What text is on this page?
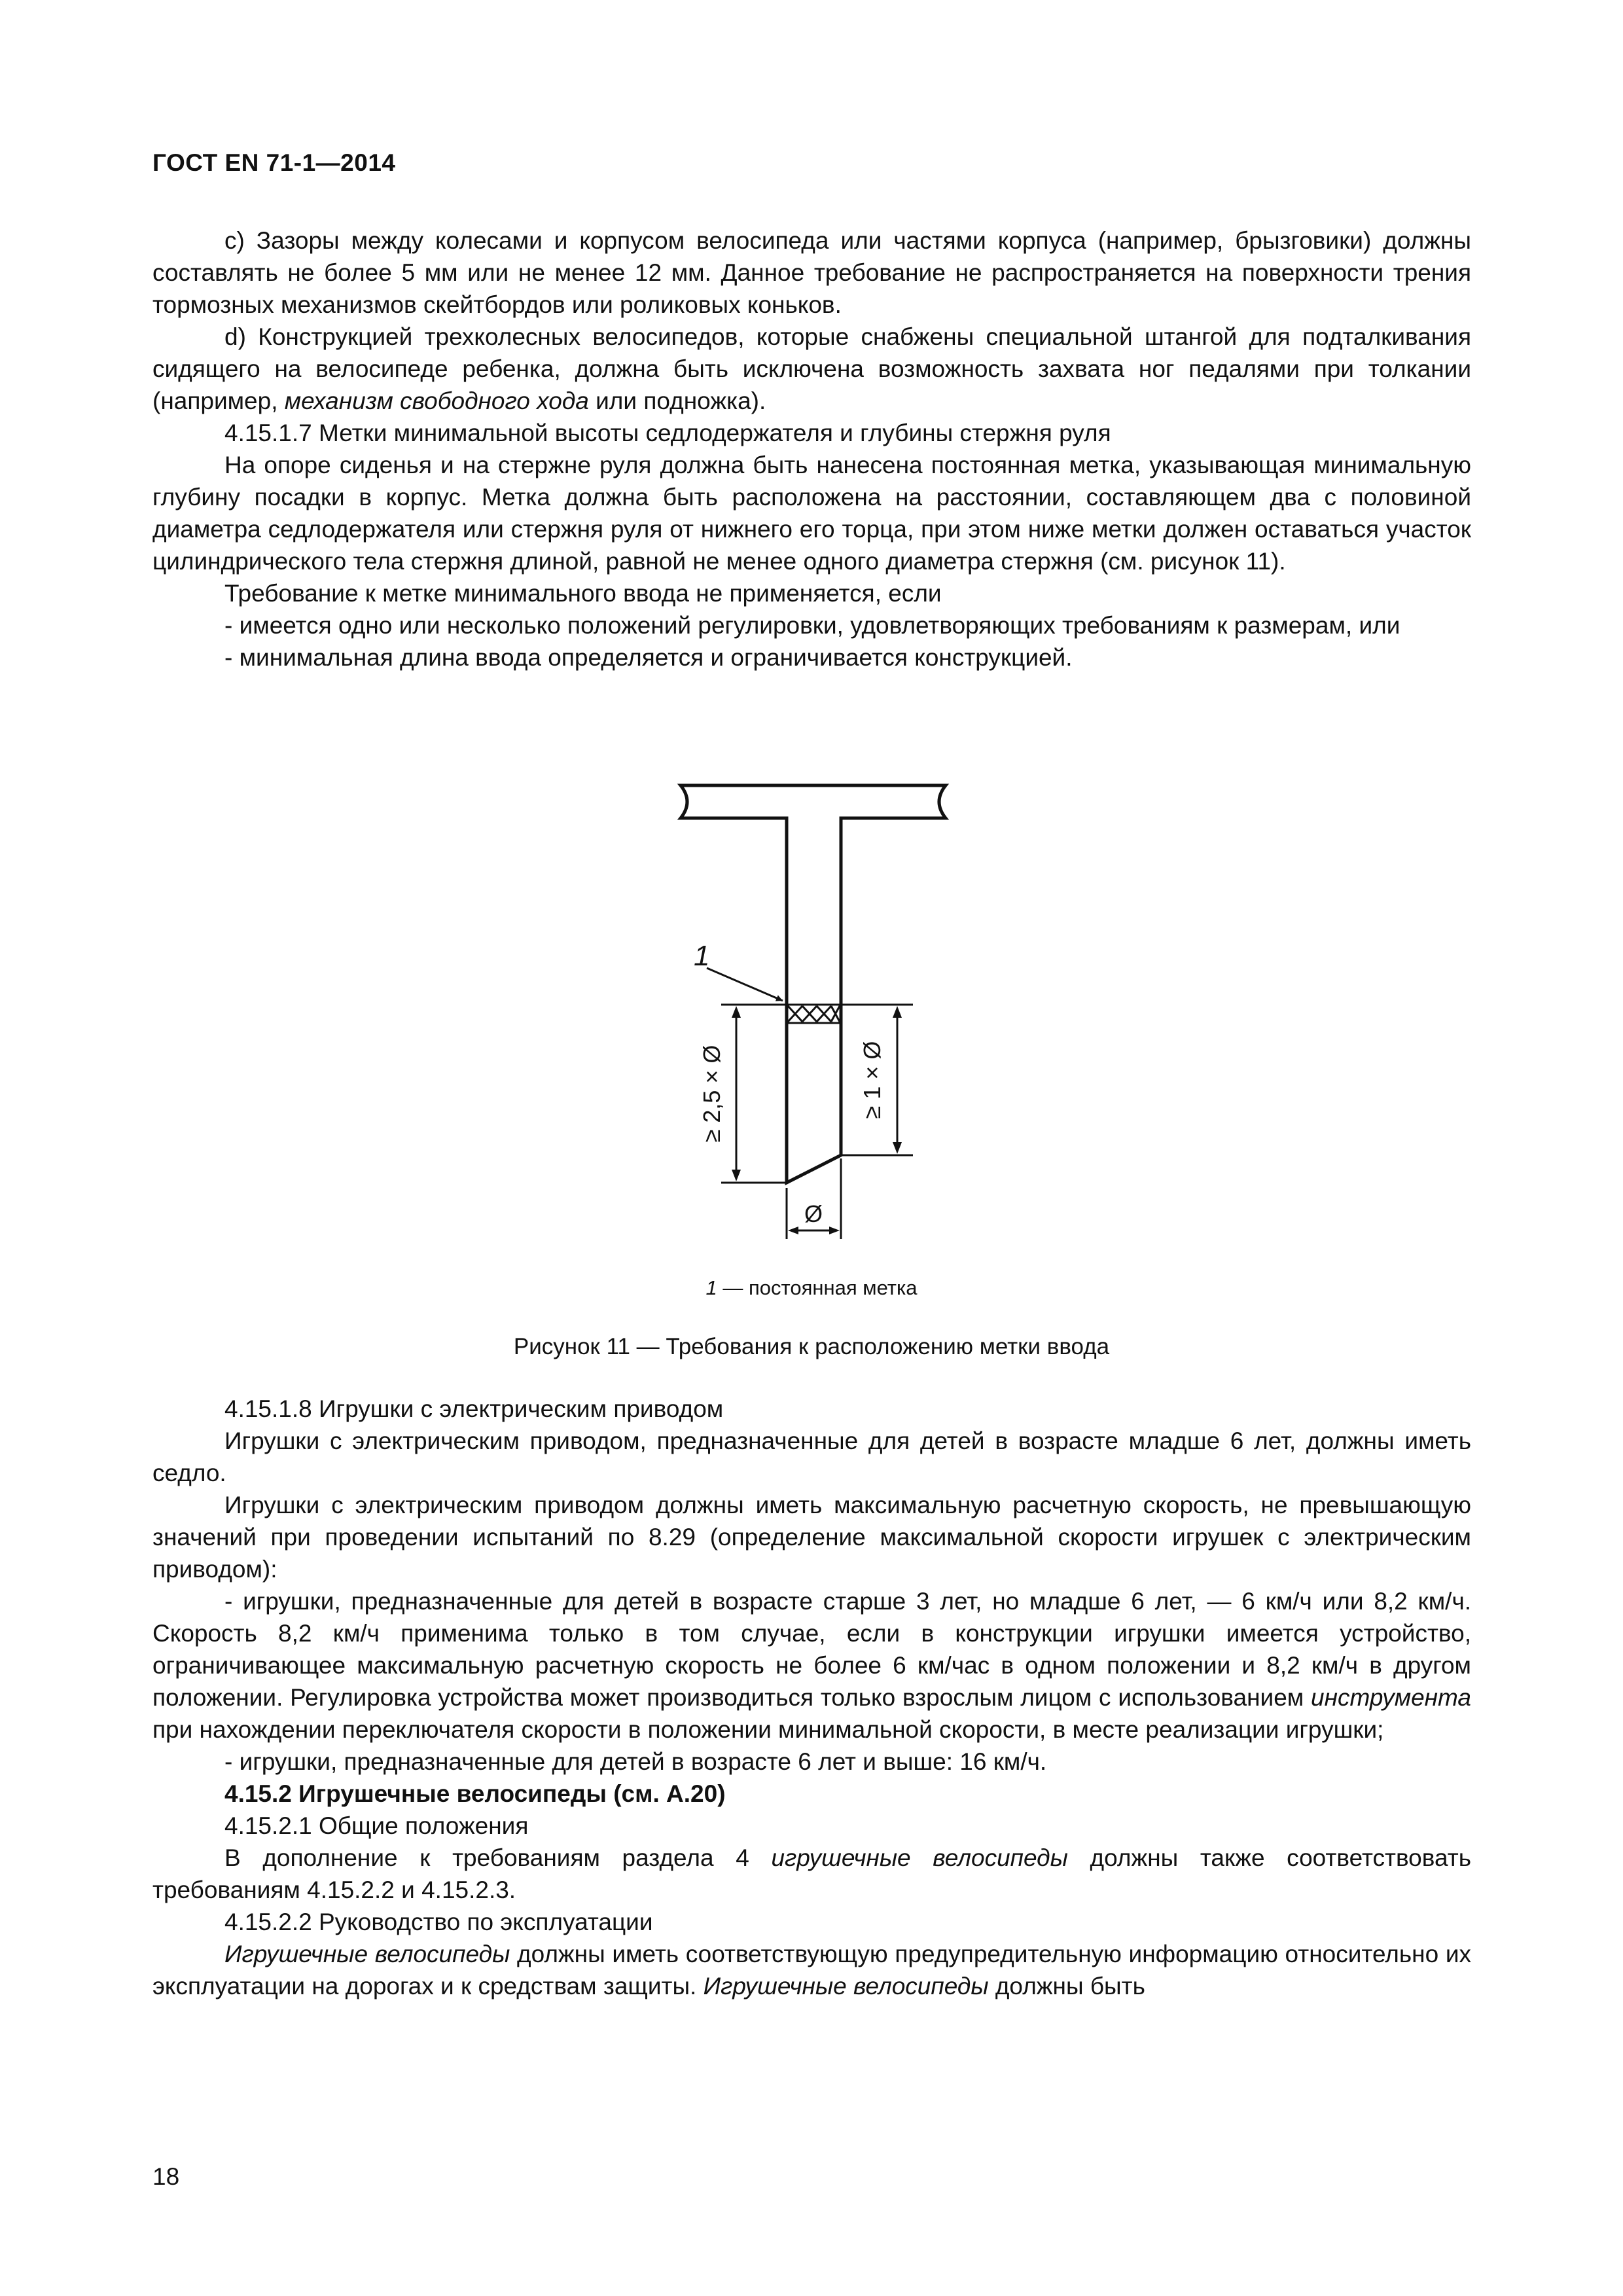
ГОСТ EN 71-1—2014

c) Зазоры между колесами и корпусом велосипеда или частями корпуса (например, брызговики) должны составлять не более 5 мм или не менее 12 мм. Данное требование не распространяется на поверхности трения тормозных механизмов скейтбордов или роликовых коньков.

d) Конструкцией трехколесных велосипедов, которые снабжены специальной штангой для подталкивания сидящего на велосипеде ребенка, должна быть исключена возможность захвата ног педалями при толкании (например, механизм свободного хода или подножка).

4.15.1.7 Метки минимальной высоты седлодержателя и глубины стержня руля

На опоре сиденья и на стержне руля должна быть нанесена постоянная метка, указывающая минимальную глубину посадки в корпус. Метка должна быть расположена на расстоянии, составляющем два с половиной диаметра седлодержателя или стержня руля от нижнего его торца, при этом ниже метки должен оставаться участок цилиндрического тела стержня длиной, равной не менее одного диаметра стержня (см. рисунок 11).

Требование к метке минимального ввода не применяется, если

- имеется одно или несколько положений регулировки, удовлетворяющих требованиям к размерам, или

- минимальная длина ввода определяется и ограничивается конструкцией.

1
≥ 2,5 × Ø	≥ 1 × Ø
Ø
1 — постоянная метка
Рисунок 11 — Требования к расположению метки ввода

4.15.1.8 Игрушки с электрическим приводом

Игрушки с электрическим приводом, предназначенные для детей в возрасте младше 6 лет, должны иметь седло.

Игрушки с электрическим приводом должны иметь максимальную расчетную скорость, не превышающую значений при проведении испытаний по 8.29 (определение максимальной скорости игрушек с электрическим приводом):

- игрушки, предназначенные для детей в возрасте старше 3 лет, но младше 6 лет, — 6 км/ч или 8,2 км/ч. Скорость 8,2 км/ч применима только в том случае, если в конструкции игрушки имеется устройство, ограничивающее максимальную расчетную скорость не более 6 км/час в одном положении и 8,2 км/ч в другом положении. Регулировка устройства может производиться только взрослым лицом с использованием инструмента при нахождении переключателя скорости в положении минимальной скорости, в месте реализации игрушки;

- игрушки, предназначенные для детей в возрасте 6 лет и выше: 16 км/ч.

4.15.2 Игрушечные велосипеды (см. А.20)

4.15.2.1 Общие положения

В дополнение к требованиям раздела 4 игрушечные велосипеды должны также соответствовать требованиям 4.15.2.2 и 4.15.2.3.

4.15.2.2 Руководство по эксплуатации

Игрушечные велосипеды должны иметь соответствующую предупредительную информацию относительно их эксплуатации на дорогах и к средствам защиты. Игрушечные велосипеды должны быть

18
